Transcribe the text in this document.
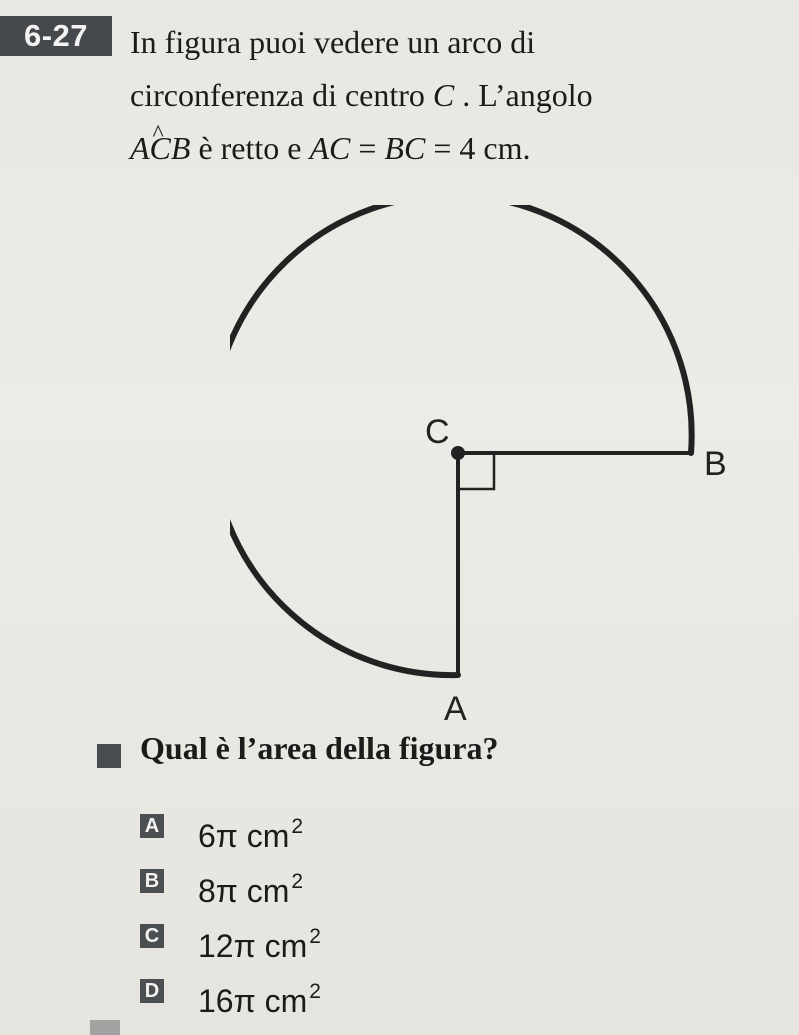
6-27	In figura puoi vedere un arco di
circonferenza di centro C . L’angolo
A^ CB è retto e AC = BC = 4 cm.
C
B
A
Qual è l’area della figura?
A 6π $cm^2$
B 8π $cm^2$
C 12π $cm^2$
D 16π $cm^2$
